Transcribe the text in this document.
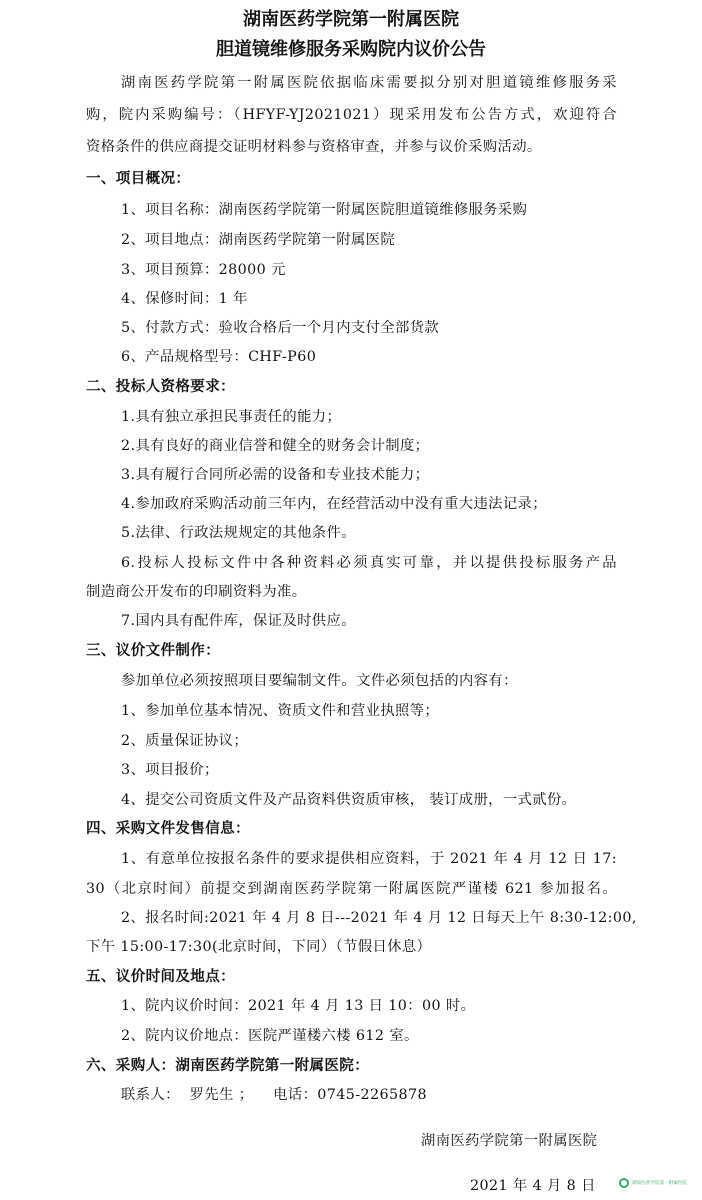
湖南医药学院第一附属医院
胆道镜维修服务采购院内议价公告
湖南医药学院第一附属医院依据临床需要拟分别对胆道镜维修服务采
购，院内采购编号：（HFYF-YJ2021021）现采用发布公告方式，欢迎符合
资格条件的供应商提交证明材料参与资格审查，并参与议价采购活动。
一、项目概况：
1、项目名称：湖南医药学院第一附属医院胆道镜维修服务采购
2、项目地点：湖南医药学院第一附属医院
3、项目预算：28000 元
4、保修时间：1 年
5、付款方式：验收合格后一个月内支付全部货款
6、产品规格型号：CHF-P60
二、投标人资格要求：
1.具有独立承担民事责任的能力；
2.具有良好的商业信誉和健全的财务会计制度；
3.具有履行合同所必需的设备和专业技术能力；
4.参加政府采购活动前三年内，在经营活动中没有重大违法记录；
5.法律、行政法规规定的其他条件。
6.投标人投标文件中各种资料必须真实可靠，并以提供投标服务产品
制造商公开发布的印刷资料为准。
7.国内具有配件库，保证及时供应。
三、议价文件制作：
参加单位必须按照项目要编制文件。文件必须包括的内容有：
1、参加单位基本情况、资质文件和营业执照等；
2、质量保证协议；
3、项目报价；
4、提交公司资质文件及产品资料供资质审核， 装订成册，一式贰份。
四、采购文件发售信息：
1、有意单位按报名条件的要求提供相应资料，于 2021 年 4 月 12 日 17:
30（北京时间）前提交到湖南医药学院第一附属医院严谨楼 621 参加报名。
2、报名时间:2021 年 4 月 8 日---2021 年 4 月 12 日每天上午 8:30-12:00,
下午 15:00-17:30(北京时间，下同）（节假日休息）
五、议价时间及地点：
1、院内议价时间：2021 年 4 月 13 日 10：00 时。
2、院内议价地点：医院严谨楼六楼 612 室。
六、采购人：湖南医药学院第一附属医院：
联系人：  罗先生 ；    电话：0745-2265878
湖南医药学院第一附属医院
2021 年 4 月 8 日	湖南医药学院第一附属医院
